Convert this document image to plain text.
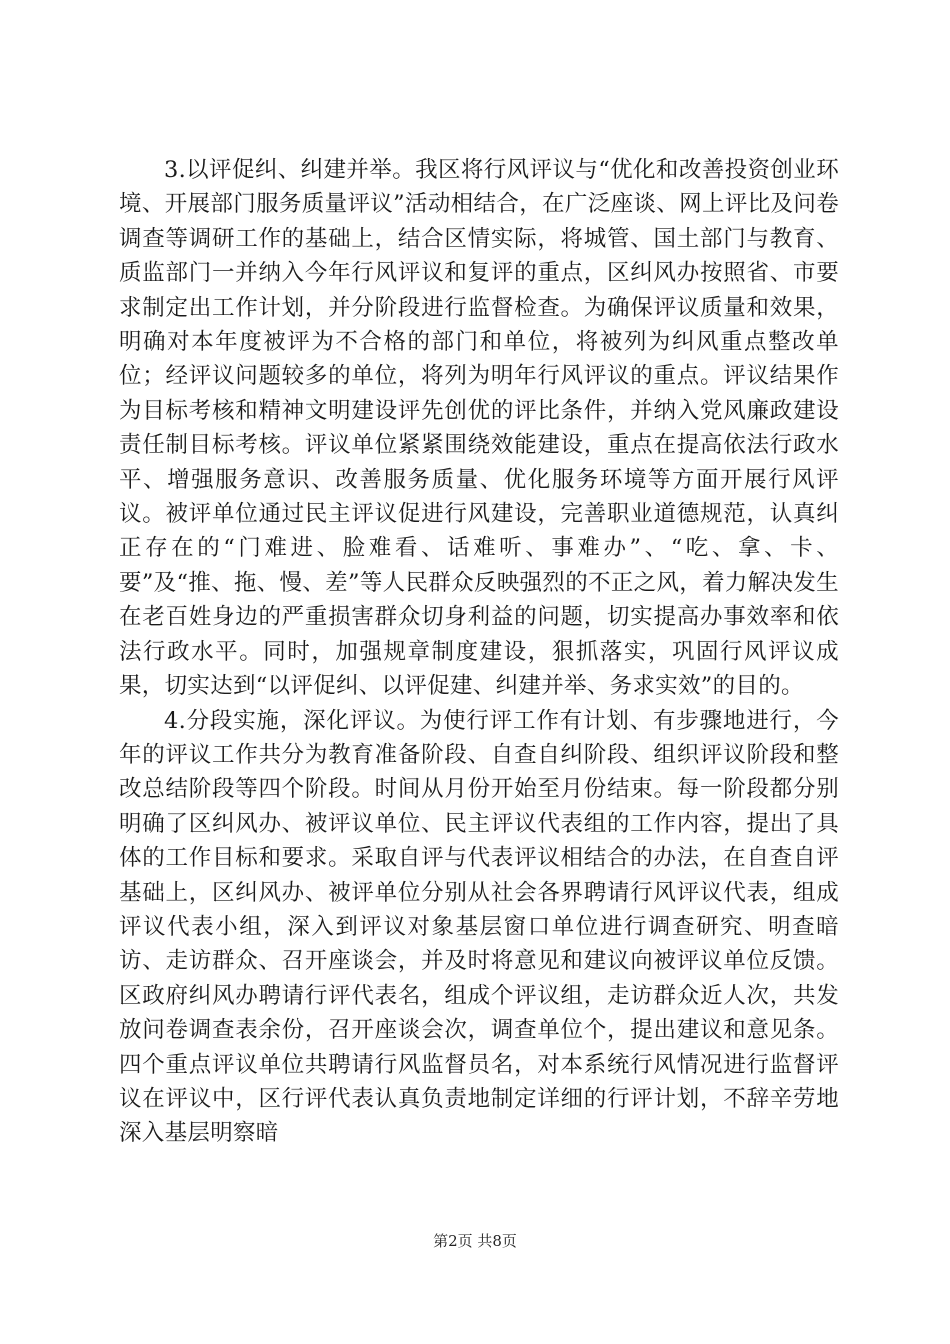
3.以评促纠、纠建并举。我区将行风评议与“优化和改善投资创业环境、开展部门服务质量评议”活动相结合，在广泛座谈、网上评比及问卷调查等调研工作的基础上，结合区情实际，将城管、国土部门与教育、质监部门一并纳入今年行风评议和复评的重点，区纠风办按照省、市要求制定出工作计划，并分阶段进行监督检查。为确保评议质量和效果，明确对本年度被评为不合格的部门和单位，将被列为纠风重点整改单位；经评议问题较多的单位，将列为明年行风评议的重点。评议结果作为目标考核和精神文明建设评先创优的评比条件，并纳入党风廉政建设责任制目标考核。评议单位紧紧围绕效能建设，重点在提高依法行政水平、增强服务意识、改善服务质量、优化服务环境等方面开展行风评议。被评单位通过民主评议促进行风建设，完善职业道德规范，认真纠正存在的“门难进、脸难看、话难听、事难办”、“吃、拿、卡、要”及“推、拖、慢、差”等人民群众反映强烈的不正之风，着力解决发生在老百姓身边的严重损害群众切身利益的问题，切实提高办事效率和依法行政水平。同时，加强规章制度建设，狠抓落实，巩固行风评议成果，切实达到“以评促纠、以评促建、纠建并举、务求实效”的目的。

4.分段实施，深化评议。为使行评工作有计划、有步骤地进行，今年的评议工作共分为教育准备阶段、自查自纠阶段、组织评议阶段和整改总结阶段等四个阶段。时间从月份开始至月份结束。每一阶段都分别明确了区纠风办、被评议单位、民主评议代表组的工作内容，提出了具体的工作目标和要求。采取自评与代表评议相结合的办法，在自查自评基础上，区纠风办、被评单位分别从社会各界聘请行风评议代表，组成评议代表小组，深入到评议对象基层窗口单位进行调查研究、明查暗访、走访群众、召开座谈会，并及时将意见和建议向被评议单位反馈。区政府纠风办聘请行评代表名，组成个评议组，走访群众近人次，共发放问卷调查表余份，召开座谈会次，调查单位个，提出建议和意见条。四个重点评议单位共聘请行风监督员名，对本系统行风情况进行监督评议在评议中，区行评代表认真负责地制定详细的行评计划，不辞辛劳地深入基层明察暗

第2页 共8页
